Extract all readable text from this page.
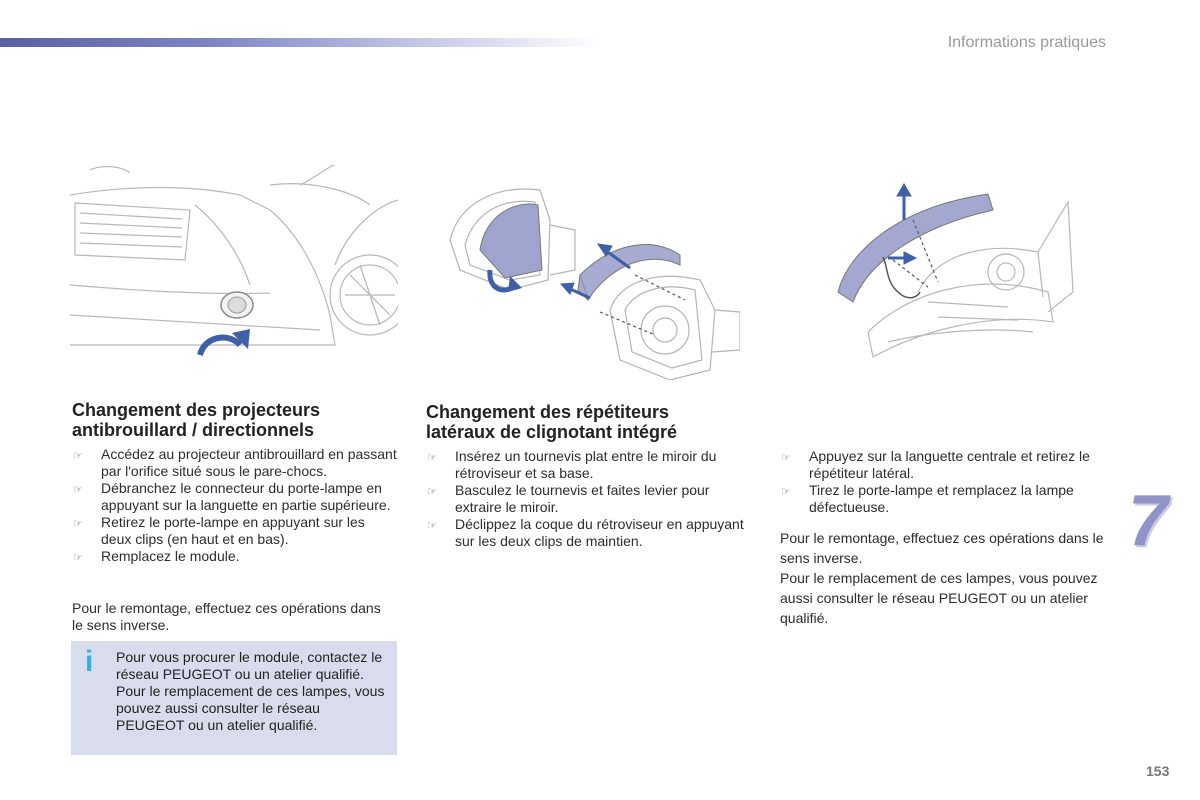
Informations pratiques
Changement des projecteurs
antibrouillard / directionnels
☞ Accédez au projecteur antibrouillard en passant par l'orifice situé sous le pare-chocs.
☞ Débranchez le connecteur du porte-lampe en appuyant sur la languette en partie supérieure.
☞ Retirez le porte-lampe en appuyant sur les deux clips (en haut et en bas).
☞ Remplacez le module.
Pour le remontage, effectuez ces opérations dans le sens inverse.
i Pour vous procurer le module, contactez le réseau PEUGEOT ou un atelier qualifié.
Pour le remplacement de ces lampes, vous pouvez aussi consulter le réseau PEUGEOT ou un atelier qualifié.
Changement des répétiteurs
latéraux de clignotant intégré
☞ Insérez un tournevis plat entre le miroir du rétroviseur et sa base.
☞ Basculez le tournevis et faites levier pour extraire le miroir.
☞ Déclippez la coque du rétroviseur en appuyant sur les deux clips de maintien.
☞ Appuyez sur la languette centrale et retirez le répétiteur latéral.
☞ Tirez le porte-lampe et remplacez la lampe défectueuse.
Pour le remontage, effectuez ces opérations dans le sens inverse.
Pour le remplacement de ces lampes, vous pouvez aussi consulter le réseau PEUGEOT ou un atelier qualifié.
7
153
